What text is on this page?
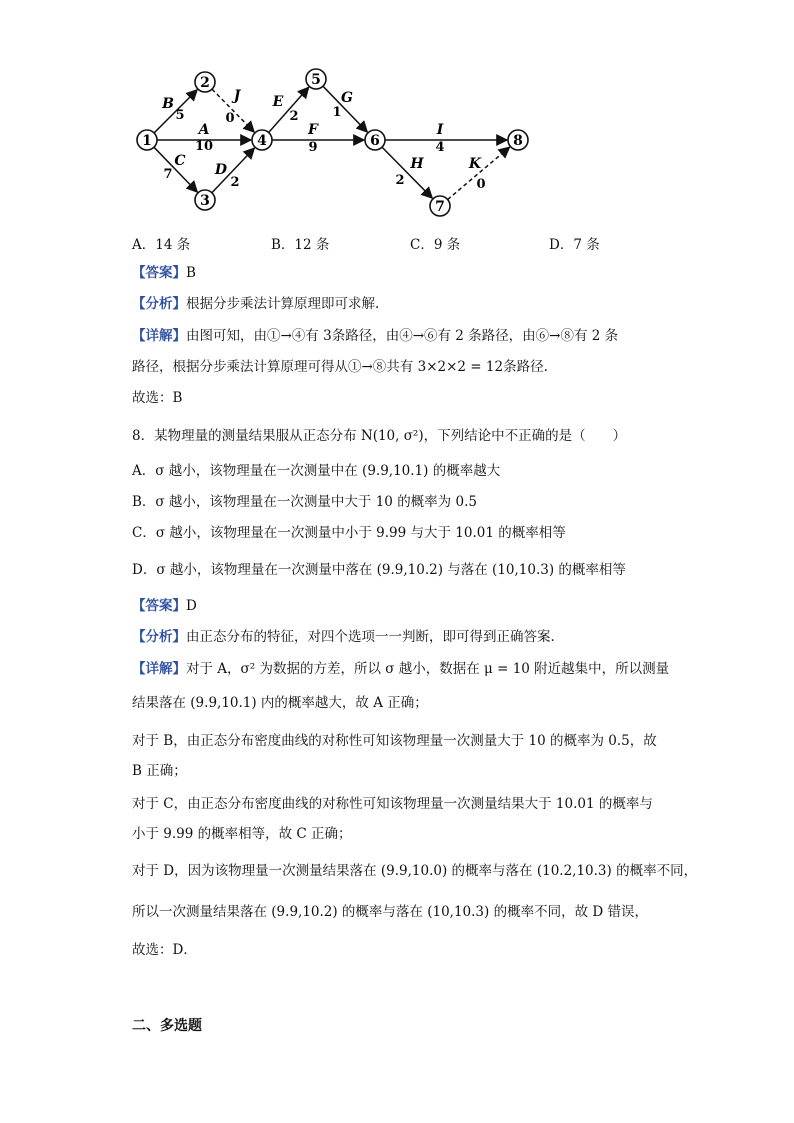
1
2
3
4
5
6
7
8
B
5
J
0
A
10
C
7	D
2
E
2
G
1
F
9
I
4
H
2
K
0
A．14 条	B．12 条	C．9 条	D．7 条
【答案】B
【分析】根据分步乘法计算原理即可求解.
【详解】由图可知，由①→④有 3条路径，由④→⑥有 2 条路径，由⑥→⑧有 2 条
路径，根据分步乘法计算原理可得从①→⑧共有 3×2×2 = 12条路径.
故选：B
8．某物理量的测量结果服从正态分布 N(10, σ²)，下列结论中不正确的是（　　）
A．σ 越小，该物理量在一次测量中在 (9.9,10.1) 的概率越大
B．σ 越小，该物理量在一次测量中大于 10 的概率为 0.5
C．σ 越小，该物理量在一次测量中小于 9.99 与大于 10.01 的概率相等
D．σ 越小，该物理量在一次测量中落在 (9.9,10.2) 与落在 (10,10.3) 的概率相等
【答案】D
【分析】由正态分布的特征，对四个选项一一判断，即可得到正确答案.
【详解】对于 A，σ² 为数据的方差，所以 σ 越小，数据在 μ = 10 附近越集中，所以测量
结果落在 (9.9,10.1) 内的概率越大，故 A 正确；
对于 B，由正态分布密度曲线的对称性可知该物理量一次测量大于 10 的概率为 0.5，故
B 正确；
对于 C，由正态分布密度曲线的对称性可知该物理量一次测量结果大于 10.01 的概率与
小于 9.99 的概率相等，故 C 正确；
对于 D，因为该物理量一次测量结果落在 (9.9,10.0) 的概率与落在 (10.2,10.3) 的概率不同，
所以一次测量结果落在 (9.9,10.2) 的概率与落在 (10,10.3) 的概率不同，故 D 错误，
故选：D．
二、多选题
